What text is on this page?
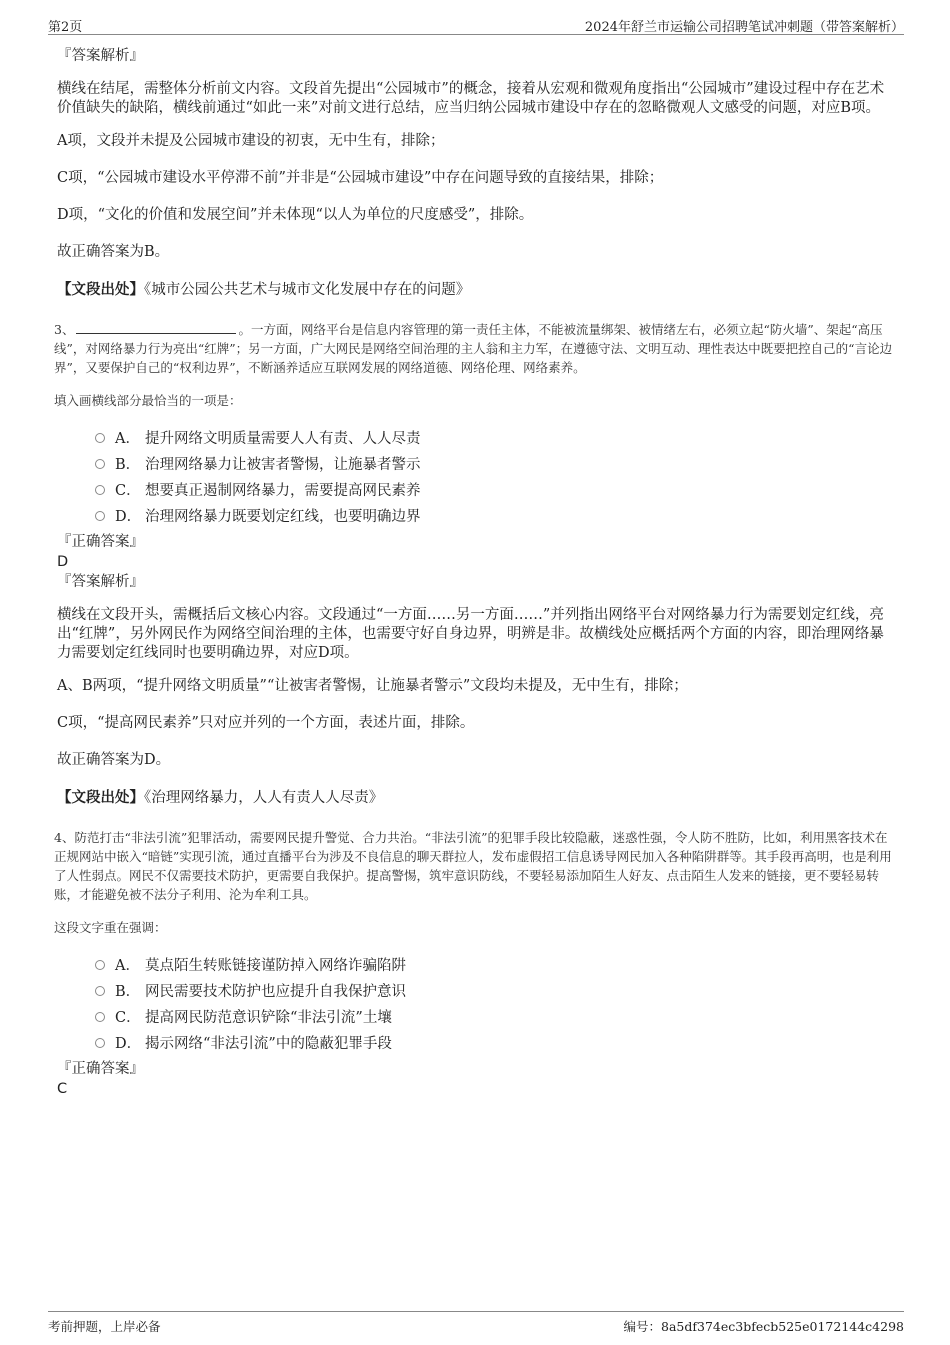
第2页	2024年舒兰市运输公司招聘笔试冲刺题（带答案解析）
『答案解析』

横线在结尾，需整体分析前文内容。文段首先提出“公园城市”的概念，接着从宏观和微观角度指出“公园城市”建设过程中存在艺术价值缺失的缺陷，横线前通过“如此一来”对前文进行总结，应当归纳公园城市建设中存在的忽略微观人文感受的问题，对应B项。

A项，文段并未提及公园城市建设的初衷，无中生有，排除；

C项，“公园城市建设水平停滞不前”并非是“公园城市建设”中存在问题导致的直接结果，排除；

D项，“文化的价值和发展空间”并未体现“以人为单位的尺度感受”，排除。

故正确答案为B。

【文段出处】《城市公园公共艺术与城市文化发展中存在的问题》
3、	。一方面，网络平台是信息内容管理的第一责任主体，不能被流量绑架、被情绪左右，必须立起“防火墙”、架起“高压线”，对网络暴力行为亮出“红牌”；另一方面，广大网民是网络空间治理的主人翁和主力军，在遵德守法、文明互动、理性表达中既要把控自己的“言论边界”，又要保护自己的“权利边界”，不断涵养适应互联网发展的网络道德、网络伦理、网络素养。
填入画横线部分最恰当的一项是：
A． 提升网络文明质量需要人人有责、人人尽责
B． 治理网络暴力让被害者警惕，让施暴者警示
C． 想要真正遏制网络暴力，需要提高网民素养
D． 治理网络暴力既要划定红线，也要明确边界
『正确答案』
D
『答案解析』

横线在文段开头，需概括后文核心内容。文段通过“一方面……另一方面……”并列指出网络平台对网络暴力行为需要划定红线，亮出“红牌”，另外网民作为网络空间治理的主体，也需要守好自身边界，明辨是非。故横线处应概括两个方面的内容，即治理网络暴力需要划定红线同时也要明确边界，对应D项。

A、B两项，“提升网络文明质量”“让被害者警惕，让施暴者警示”文段均未提及，无中生有，排除；

C项，“提高网民素养”只对应并列的一个方面，表述片面，排除。

故正确答案为D。

【文段出处】《治理网络暴力，人人有责人人尽责》
4、防范打击“非法引流”犯罪活动，需要网民提升警觉、合力共治。“非法引流”的犯罪手段比较隐蔽，迷惑性强，令人防不胜防，比如，利用黑客技术在正规网站中嵌入“暗链”实现引流，通过直播平台为涉及不良信息的聊天群拉人，发布虚假招工信息诱导网民加入各种陷阱群等。其手段再高明，也是利用了人性弱点。网民不仅需要技术防护，更需要自我保护。提高警惕，筑牢意识防线，不要轻易添加陌生人好友、点击陌生人发来的链接，更不要轻易转账，才能避免被不法分子利用、沦为牟利工具。
这段文字重在强调：
A． 莫点陌生转账链接谨防掉入网络诈骗陷阱
B． 网民需要技术防护也应提升自我保护意识
C． 提高网民防范意识铲除“非法引流”土壤
D． 揭示网络“非法引流”中的隐蔽犯罪手段
『正确答案』
C
考前押题，上岸必备	编号：8a5df374ec3bfecb525e0172144c4298
